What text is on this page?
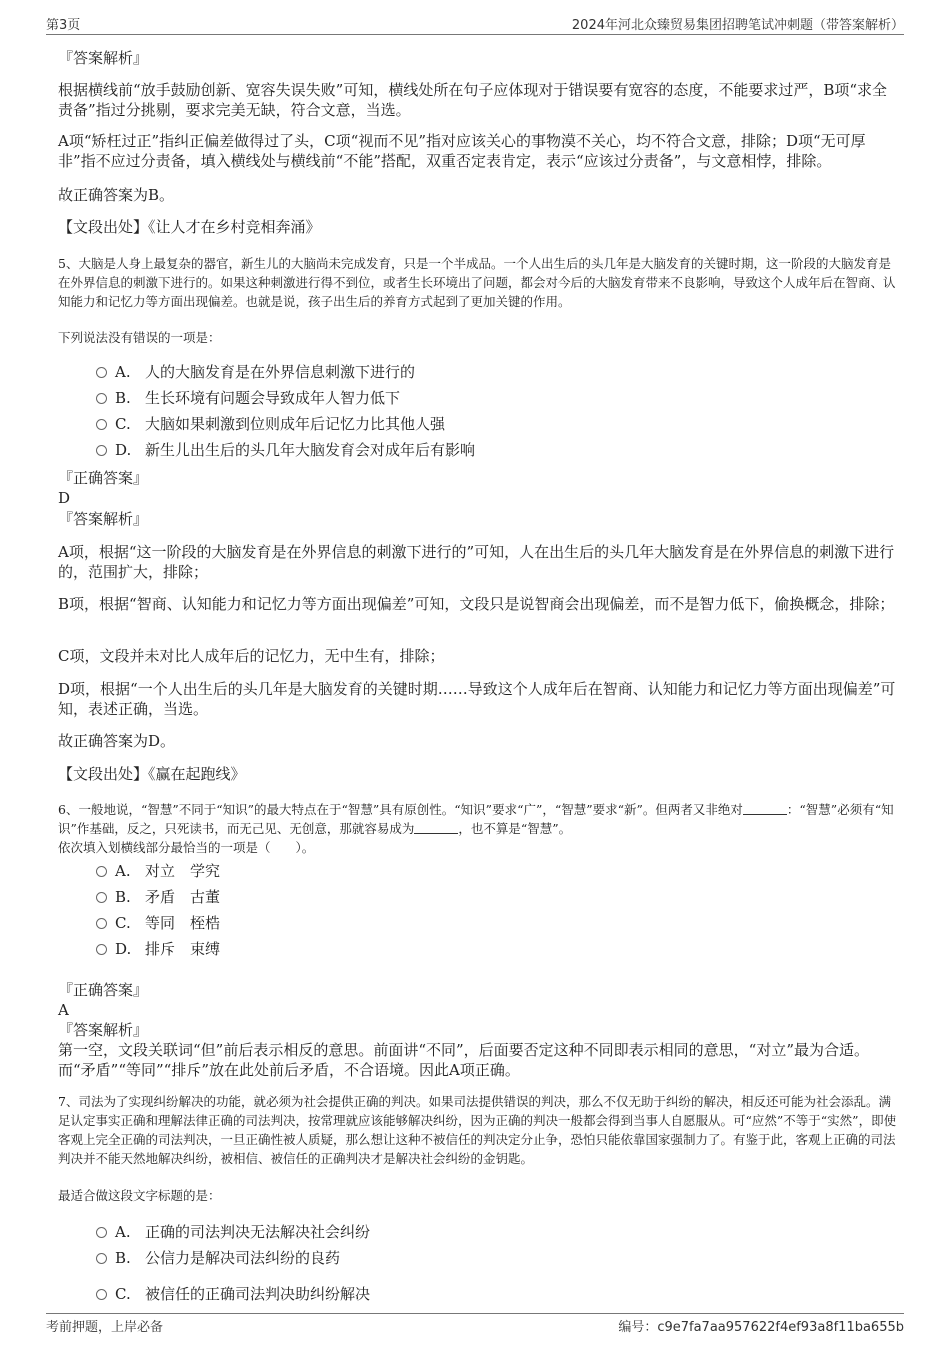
第3页	2024年河北众臻贸易集团招聘笔试冲刺题（带答案解析）
『答案解析』
根据横线前“放手鼓励创新、宽容失误失败”可知，横线处所在句子应体现对于错误要有宽容的态度，不能要求过严，B项“求全责备”指过分挑剔，要求完美无缺，符合文意，当选。
A项“矫枉过正”指纠正偏差做得过了头，C项“视而不见”指对应该关心的事物漠不关心，均不符合文意，排除；D项“无可厚非”指不应过分责备，填入横线处与横线前“不能”搭配，双重否定表肯定，表示“应该过分责备”，与文意相悖，排除。
故正确答案为B。
【文段出处】《让人才在乡村竞相奔涌》
5、大脑是人身上最复杂的器官，新生儿的大脑尚未完成发育，只是一个半成品。一个人出生后的头几年是大脑发育的关键时期，这一阶段的大脑发育是在外界信息的刺激下进行的。如果这种刺激进行得不到位，或者生长环境出了问题，都会对今后的大脑发育带来不良影响，导致这个人成年后在智商、认知能力和记忆力等方面出现偏差。也就是说，孩子出生后的养育方式起到了更加关键的作用。
下列说法没有错误的一项是：
A. 人的大脑发育是在外界信息刺激下进行的
B. 生长环境有问题会导致成年人智力低下
C. 大脑如果刺激到位则成年后记忆力比其他人强
D. 新生儿出生后的头几年大脑发育会对成年后有影响
『正确答案』
D
『答案解析』
A项，根据“这一阶段的大脑发育是在外界信息的刺激下进行的”可知，人在出生后的头几年大脑发育是在外界信息的刺激下进行的，范围扩大，排除；
B项，根据“智商、认知能力和记忆力等方面出现偏差”可知，文段只是说智商会出现偏差，而不是智力低下，偷换概念，排除；
C项，文段并未对比人成年后的记忆力，无中生有，排除；
D项，根据“一个人出生后的头几年是大脑发育的关键时期……导致这个人成年后在智商、认知能力和记忆力等方面出现偏差”可知，表述正确，当选。
故正确答案为D。
【文段出处】《赢在起跑线》
6、一般地说，“智慧”不同于“知识”的最大特点在于“智慧”具有原创性。“知识”要求“广”，“智慧”要求“新”。但两者又非绝对	：“智慧”必须有“知识”作基础，反之，只死读书，而无己见、无创意，那就容易成为	，也不算是“智慧”。
依次填入划横线部分最恰当的一项是（　　）。
A. 对立　学究
B. 矛盾　古董
C. 等同　桎梏
D. 排斥　束缚
『正确答案』
A
『答案解析』
第一空，文段关联词“但”前后表示相反的意思。前面讲“不同”，后面要否定这种不同即表示相同的意思，“对立”最为合适。而“矛盾”“等同”“排斥”放在此处前后矛盾，不合语境。因此A项正确。
7、司法为了实现纠纷解决的功能，就必须为社会提供正确的判决。如果司法提供错误的判决，那么不仅无助于纠纷的解决，相反还可能为社会添乱。满足认定事实正确和理解法律正确的司法判决，按常理就应该能够解决纠纷，因为正确的判决一般都会得到当事人自愿服从。可“应然”不等于“实然”，即使客观上完全正确的司法判决，一旦正确性被人质疑，那么想让这种不被信任的判决定分止争，恐怕只能依靠国家强制力了。有鉴于此，客观上正确的司法判决并不能天然地解决纠纷，被相信、被信任的正确判决才是解决社会纠纷的金钥匙。
最适合做这段文字标题的是：
A. 正确的司法判决无法解决社会纠纷
B. 公信力是解决司法纠纷的良药
C. 被信任的正确司法判决助纠纷解决
考前押题，上岸必备	编号：c9e7fa7aa957622f4ef93a8f11ba655b
